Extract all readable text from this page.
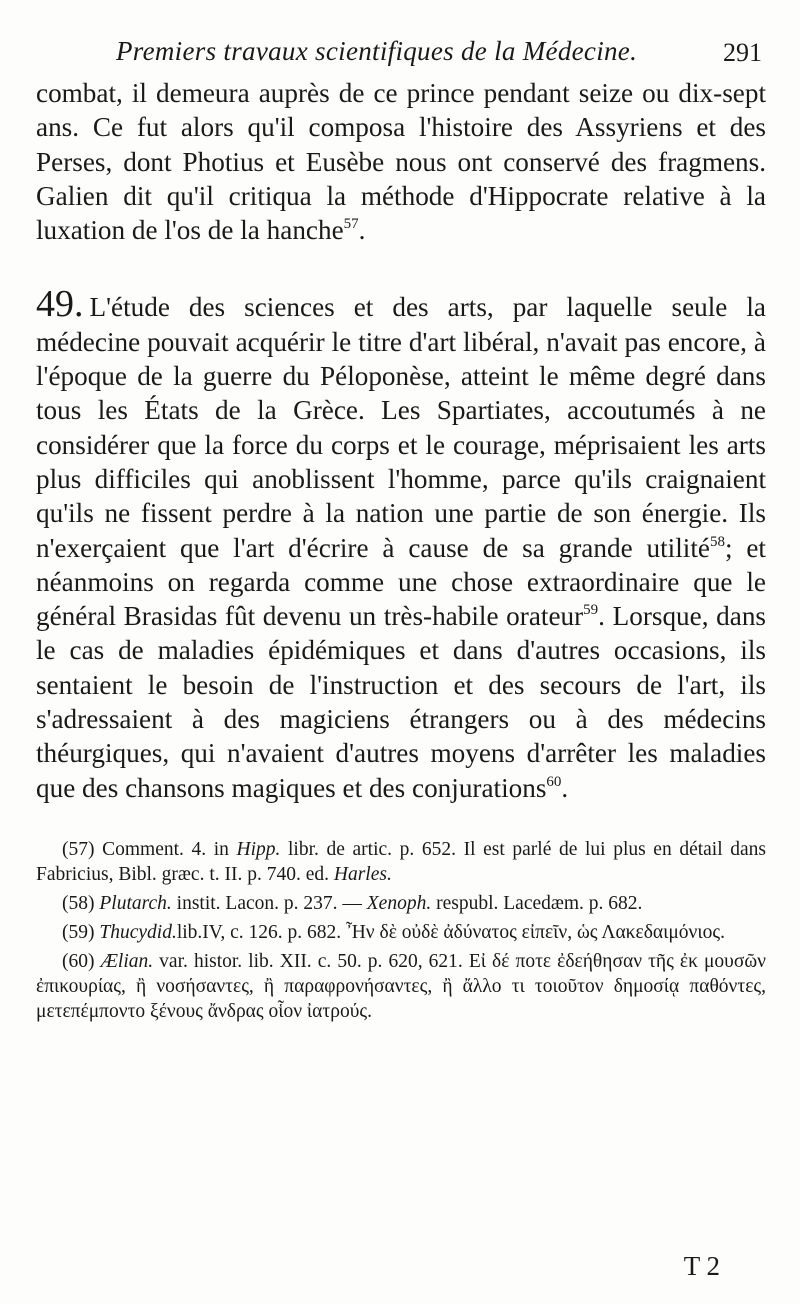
Premiers travaux scientifiques de la Médecine.	291

combat, il demeura auprès de ce prince pendant seize ou dix-sept ans. Ce fut alors qu'il composa l'histoire des Assyriens et des Perses, dont Photius et Eusèbe nous ont conservé des fragmens. Galien dit qu'il critiqua la méthode d'Hippocrate relative à la luxation de l'os de la hanche$^{57}$.

49. L'étude des sciences et des arts, par laquelle seule la médecine pouvait acquérir le titre d'art libéral, n'avait pas encore, à l'époque de la guerre du Péloponèse, atteint le même degré dans tous les États de la Grèce. Les Spartiates, accoutumés à ne considérer que la force du corps et le courage, méprisaient les arts plus difficiles qui anoblissent l'homme, parce qu'ils craignaient qu'ils ne fissent perdre à la nation une partie de son énergie. Ils n'exerçaient que l'art d'écrire à cause de sa grande utilité$^{58}$; et néanmoins on regarda comme une chose extraordinaire que le général Brasidas fût devenu un très-habile orateur$^{59}$. Lorsque, dans le cas de maladies épidémiques et dans d'autres occasions, ils sentaient le besoin de l'instruction et des secours de l'art, ils s'adressaient à des magiciens étrangers ou à des médecins théurgiques, qui n'avaient d'autres moyens d'arrêter les maladies que des chansons magiques et des conjurations$^{60}$.

(57) Comment. 4. in Hipp. libr. de artic. p. 652. Il est parlé de lui plus en détail dans Fabricius, Bibl. græc. t. II. p. 740. ed. Harles.

(58) Plutarch. instit. Lacon. p. 237. — Xenoph. respubl. Lacedæm. p. 682.

(59) Thucydid.lib.IV, c. 126. p. 682. Ἦν δὲ οὐδὲ ἀδύνατος εἰπεῖν, ὡς Λακεδαιμόνιος.

(60) Ælian. var. histor. lib. XII. c. 50. p. 620, 621. Εἰ δέ ποτε ἐδεήθησαν τῆς ἐκ μουσῶν ἐπικουρίας, ἢ νοσήσαντες, ἢ παραφρονήσαντες, ἢ ἄλλο τι τοιοῦτον δημοσίᾳ παθόντες, μετεπέμποντο ξένους ἄνδρας οἷον ἰατρούς.

T 2
